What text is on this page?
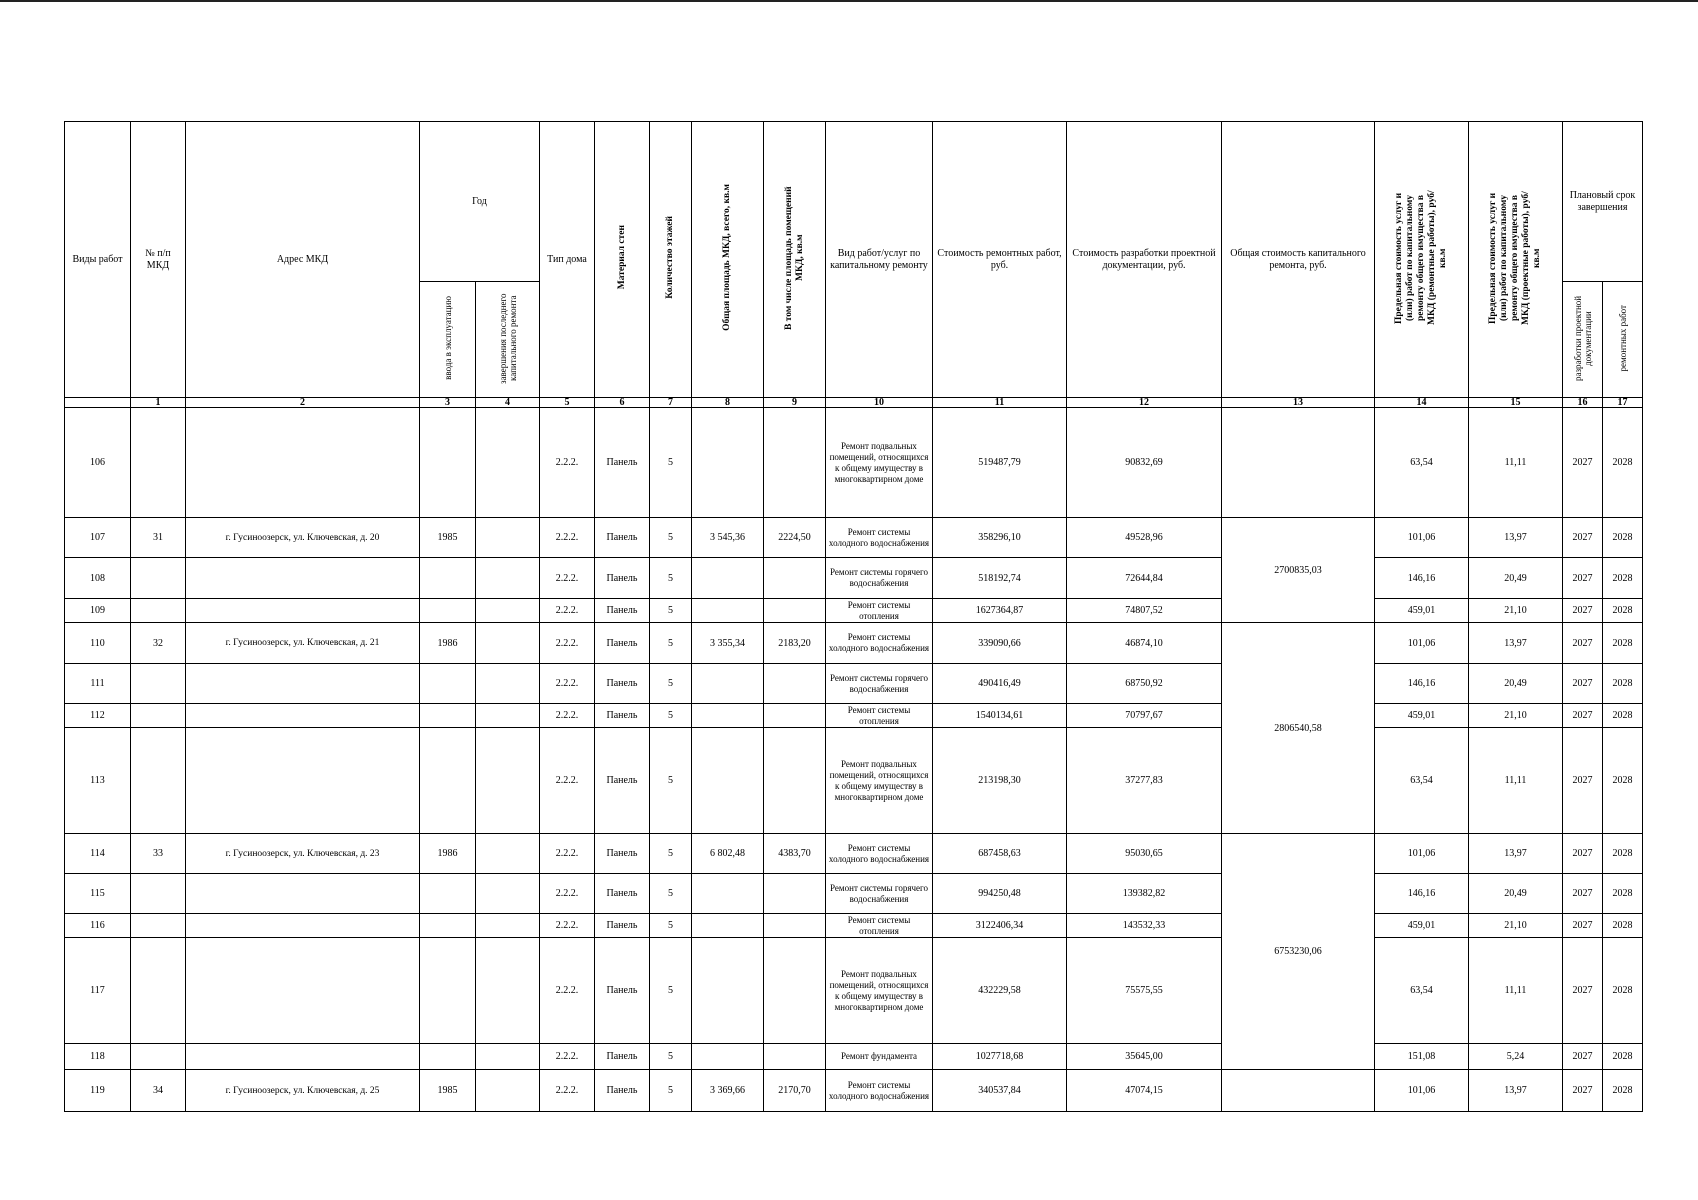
Виды работ	№ п/п МКД	Адрес МКД	Год		Тип дома	Материал стен	Количество этажей	Общая площадь МКД, всего, кв.м	В том числе площадь помещений МКД, кв.м	Вид работ/услуг по капитальному ремонту	Стоимость ремонтных работ, руб.	Стоимость разработки проектной документации, руб.	Общая стоимость капитального ремонта, руб.	Предельная стоимость услуг и (или) работ по капитальному ремонту общего имущества в МКД (ремонтные работы), руб/кв.м	Предельная стоимость услуг и (или) работ по капитальному ремонту общего имущества в МКД (проектные работы), руб/кв.м	Плановый срок завершения	
			ввода в эксплуатацию	завершения последнего капитального ремонта												разработки проектной документации	ремонтных работ
	1	2	3	4	5	6	7	8	9	10	11	12	13	14	15	16	17
106					2.2.2.	Панель	5			Ремонт подвальных помещений, относящихся к общему имуществу в многоквартирном доме	519487,79	90832,69		63,54	11,11	2027	2028
107	31	г. Гусиноозерск, ул. Ключевская, д. 20	1985		2.2.2.	Панель	5	3 545,36	2224,50	Ремонт системы холодного водоснабжения	358296,10	49528,96	2700835,03	101,06	13,97	2027	2028
108					2.2.2.	Панель	5			Ремонт системы горячего водоснабжения	518192,74	72644,84		146,16	20,49	2027	2028
109					2.2.2.	Панель	5			Ремонт системы отопления	1627364,87	74807,52		459,01	21,10	2027	2028
110	32	г. Гусиноозерск, ул. Ключевская, д. 21	1986		2.2.2.	Панель	5	3 355,34	2183,20	Ремонт системы холодного водоснабжения	339090,66	46874,10	2806540,58	101,06	13,97	2027	2028
111					2.2.2.	Панель	5			Ремонт системы горячего водоснабжения	490416,49	68750,92		146,16	20,49	2027	2028
112					2.2.2.	Панель	5			Ремонт системы отопления	1540134,61	70797,67		459,01	21,10	2027	2028
113					2.2.2.	Панель	5			Ремонт подвальных помещений, относящихся к общему имуществу в многоквартирном доме	213198,30	37277,83		63,54	11,11	2027	2028
114	33	г. Гусиноозерск, ул. Ключевская, д. 23	1986		2.2.2.	Панель	5	6 802,48	4383,70	Ремонт системы холодного водоснабжения	687458,63	95030,65	6753230,06	101,06	13,97	2027	2028
115					2.2.2.	Панель	5			Ремонт системы горячего водоснабжения	994250,48	139382,82		146,16	20,49	2027	2028
116					2.2.2.	Панель	5			Ремонт системы отопления	3122406,34	143532,33		459,01	21,10	2027	2028
117					2.2.2.	Панель	5			Ремонт подвальных помещений, относящихся к общему имуществу в многоквартирном доме	432229,58	75575,55		63,54	11,11	2027	2028
118					2.2.2.	Панель	5			Ремонт фундамента	1027718,68	35645,00		151,08	5,24	2027	2028
119	34	г. Гусиноозерск, ул. Ключевская, д. 25	1985		2.2.2.	Панель	5	3 369,66	2170,70	Ремонт системы холодного водоснабжения	340537,84	47074,15		101,06	13,97	2027	2028
